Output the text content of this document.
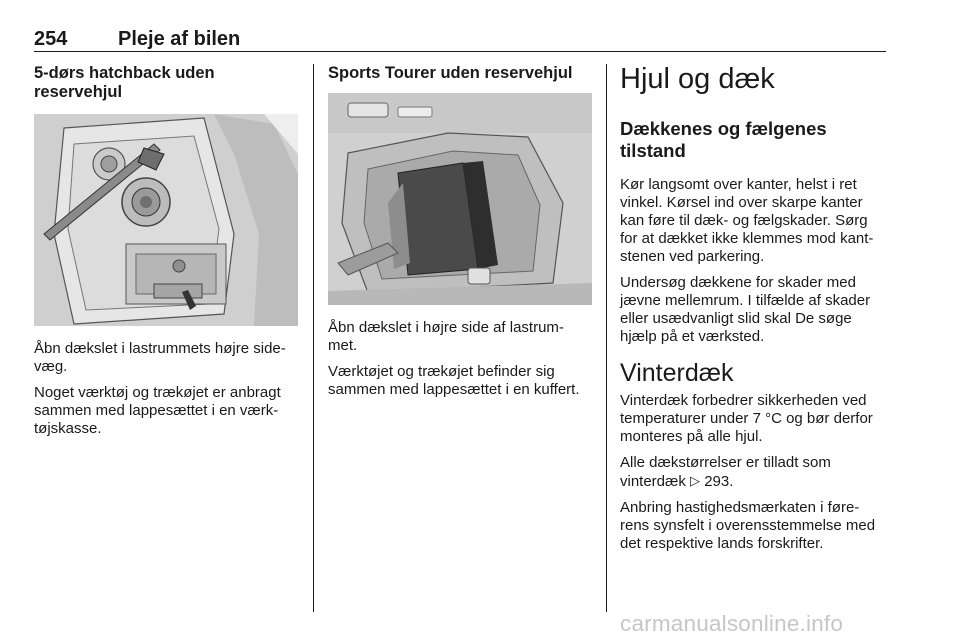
254	Pleje af bilen
5-dørs hatchback uden reservehjul

Åbn dækslet i lastrummets højre side-væg.

Noget værktøj og trækøjet er anbragt sammen med lappesættet i en værk-tøjskasse.

Sports Tourer uden reservehjul

Åbn dækslet i højre side af lastrum-met.

Værktøjet og trækøjet befinder sig sammen med lappesættet i en kuffert.

Hjul og dæk
Dækkenes og fælgenes tilstand

Kør langsomt over kanter, helst i ret vinkel. Kørsel ind over skarpe kanter kan føre til dæk- og fælgskader. Sørg for at dækket ikke klemmes mod kant-stenen ved parkering.

Undersøg dækkene for skader med jævne mellemrum. I tilfælde af skader eller usædvanligt slid skal De søge hjælp på et værksted.

Vinterdæk

Vinterdæk forbedrer sikkerheden ved temperaturer under 7 °C og bør derfor monteres på alle hjul.

Alle dækstørrelser er tilladt som vinterdæk ▷ 293.

Anbring hastighedsmærkaten i føre-rens synsfelt i overensstemmelse med det respektive lands forskrifter.

carmanualsonline.info
